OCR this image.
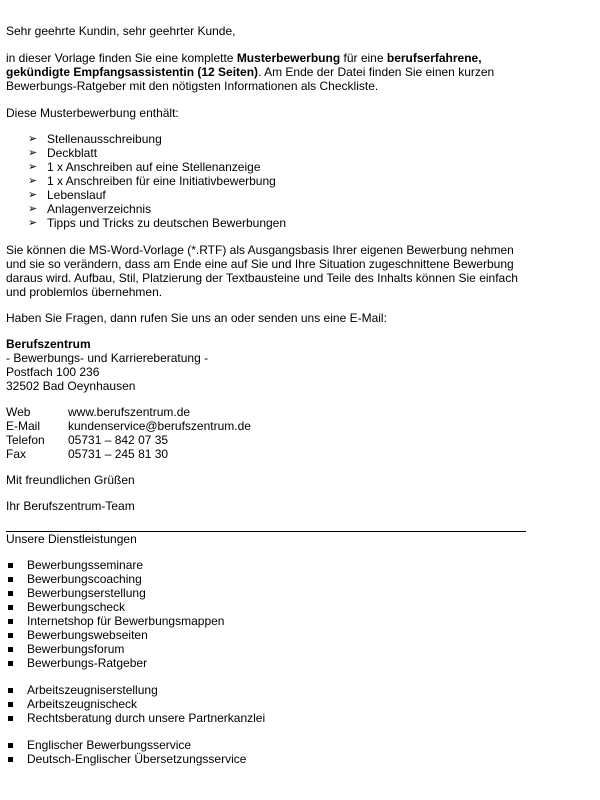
Sehr geehrte Kundin, sehr geehrter Kunde,

in dieser Vorlage finden Sie eine komplette Musterbewerbung für eine berufserfahrene, gekündigte Empfangsassistentin (12 Seiten). Am Ende der Datei finden Sie einen kurzen Bewerbungs-Ratgeber mit den nötigsten Informationen als Checkliste.

Diese Musterbewerbung enthält:

➢ Stellenausschreibung
➢ Deckblatt
➢ 1 x Anschreiben auf eine Stellenanzeige
➢ 1 x Anschreiben für eine Initiativbewerbung
➢ Lebenslauf
➢ Anlagenverzeichnis
➢ Tipps und Tricks zu deutschen Bewerbungen

Sie können die MS-Word-Vorlage (*.RTF) als Ausgangsbasis Ihrer eigenen Bewerbung nehmen und sie so verändern, dass am Ende eine auf Sie und Ihre Situation zugeschnittene Bewerbung daraus wird. Aufbau, Stil, Platzierung der Textbausteine und Teile des Inhalts können Sie einfach und problemlos übernehmen.

Haben Sie Fragen, dann rufen Sie uns an oder senden uns eine E-Mail:

Berufszentrum

- Bewerbungs- und Karriereberatung -

Postfach 100 236

32502 Bad Oeynhausen

Web	www.berufszentrum.de
E-Mail	kundenservice@berufszentrum.de
Telefon	05731 – 842 07 35
Fax	05731 – 245 81 30

Mit freundlichen Grüßen

Ihr Berufszentrum-Team

Unsere Dienstleistungen

Bewerbungsseminare
Bewerbungscoaching
Bewerbungserstellung
Bewerbungscheck
Internetshop für Bewerbungsmappen
Bewerbungswebseiten
Bewerbungsforum
Bewerbungs-Ratgeber
Arbeitszeugniserstellung
Arbeitszeugnischeck
Rechtsberatung durch unsere Partnerkanzlei
Englischer Bewerbungsservice
Deutsch-Englischer Übersetzungsservice
